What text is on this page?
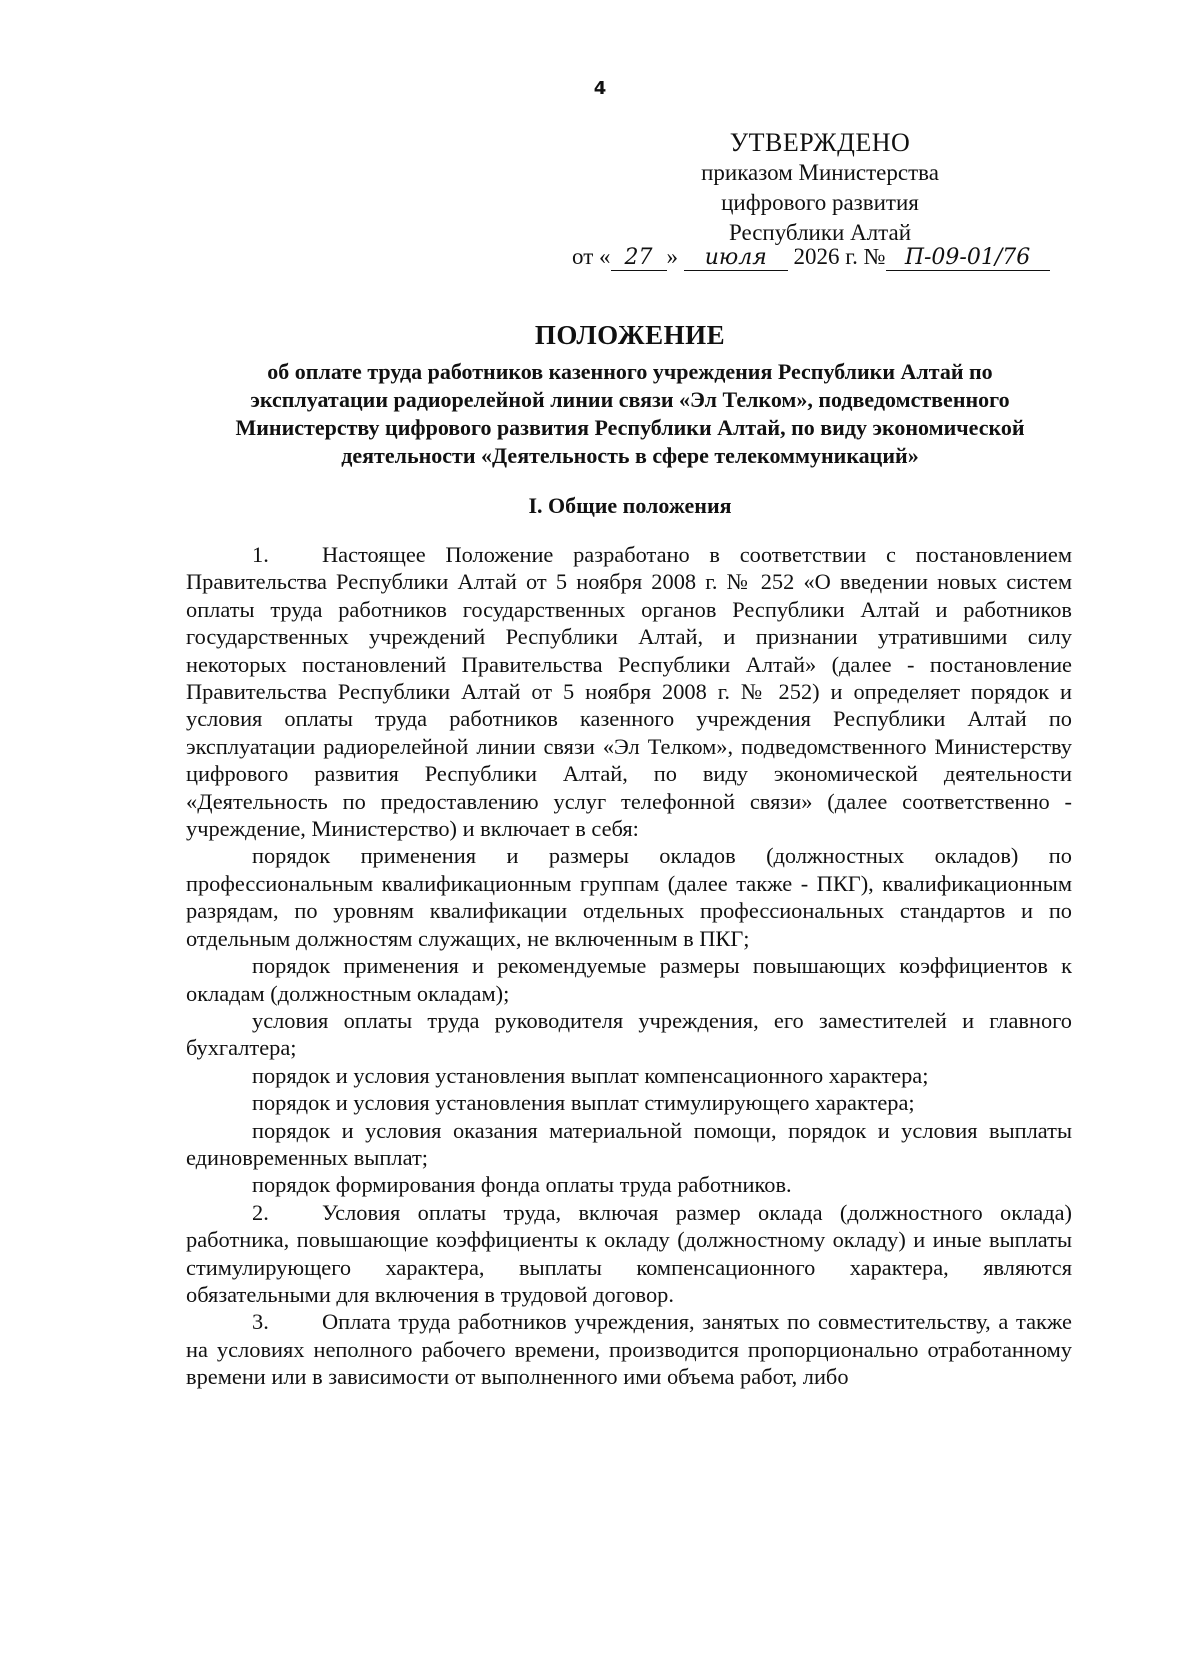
4
УТВЕРЖДЕНО
приказом Министерства
цифрового развития
Республики Алтай
от « 27 » июля 2026 г. № П-09-01/76
ПОЛОЖЕНИЕ
об оплате труда работников казенного учреждения Республики Алтай по
эксплуатации радиорелейной линии связи «Эл Телком», подведомственного
Министерству цифрового развития Республики Алтай, по виду экономической
деятельности «Деятельность в сфере телекоммуникаций»
I. Общие положения

1. Настоящее Положение разработано в соответствии с постановлением Правительства Республики Алтай от 5 ноября 2008 г. № 252 «О введении новых систем оплаты труда работников государственных органов Республики Алтай и работников государственных учреждений Республики Алтай, и признании утратившими силу некоторых постановлений Правительства Республики Алтай» (далее - постановление Правительства Республики Алтай от 5 ноября 2008 г. № 252) и определяет порядок и условия оплаты труда работников казенного учреждения Республики Алтай по эксплуатации радиорелейной линии связи «Эл Телком», подведомственного Министерству цифрового развития Республики Алтай, по виду экономической деятельности «Деятельность по предоставлению услуг телефонной связи» (далее соответственно - учреждение, Министерство) и включает в себя:

порядок применения и размеры окладов (должностных окладов) по профессиональным квалификационным группам (далее также - ПКГ), квалификационным разрядам, по уровням квалификации отдельных профессиональных стандартов и по отдельным должностям служащих, не включенным в ПКГ;

порядок применения и рекомендуемые размеры повышающих коэффициентов к окладам (должностным окладам);

условия оплаты труда руководителя учреждения, его заместителей и главного бухгалтера;

порядок и условия установления выплат компенсационного характера;

порядок и условия установления выплат стимулирующего характера;

порядок и условия оказания материальной помощи, порядок и условия выплаты единовременных выплат;

порядок формирования фонда оплаты труда работников.

2. Условия оплаты труда, включая размер оклада (должностного оклада) работника, повышающие коэффициенты к окладу (должностному окладу) и иные выплаты стимулирующего характера, выплаты компенсационного характера, являются обязательными для включения в трудовой договор.

3. Оплата труда работников учреждения, занятых по совместительству, а также на условиях неполного рабочего времени, производится пропорционально отработанному времени или в зависимости от выполненного ими объема работ, либо
